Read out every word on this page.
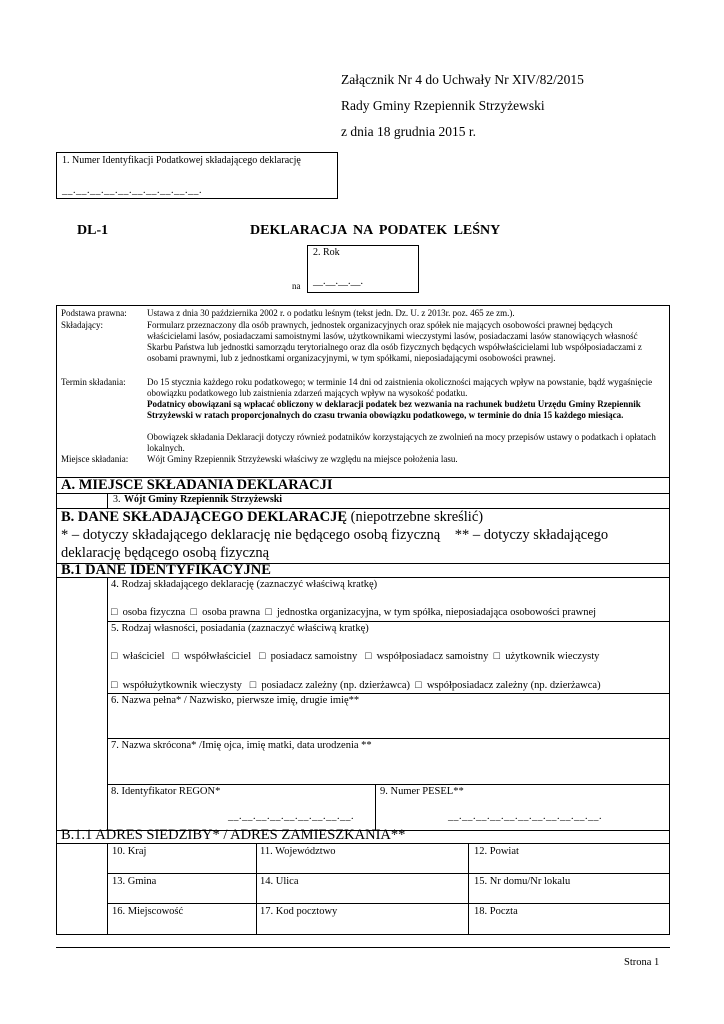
Załącznik Nr 4 do Uchwały Nr XIV/82/2015
Rady Gminy Rzepiennik Strzyżewski
z dnia 18 grudnia 2015 r.
1. Numer Identyfikacji Podatkowej składającego deklarację
__.__.__.__.__.__.__.__.__.__.
DL-1	DEKLARACJA NA PODATEK LEŚNY
na
2. Rok
__.__.__.__.
Podstawa prawna: Ustawa z dnia 30 października 2002 r. o podatku leśnym (tekst jedn. Dz. U. z 2013r. poz. 465 ze zm.).
Składający:	Formularz przeznaczony dla osób prawnych, jednostek organizacyjnych oraz spółek nie mających osobowości prawnej będących właścicielami lasów, posiadaczami samoistnymi lasów, użytkownikami wieczystymi lasów, posiadaczami lasów stanowiących własność Skarbu Państwa lub jednostki samorządu terytorialnego oraz dla osób fizycznych będących współwłaścicielami lub współposiadaczami z osobami prawnymi, lub z jednostkami organizacyjnymi, w tym spółkami, nieposiadającymi osobowości prawnej.
Termin składania: Do 15 stycznia każdego roku podatkowego; w terminie 14 dni od zaistnienia okoliczności mających wpływ na powstanie, bądź wygaśnięcie obowiązku podatkowego lub zaistnienia zdarzeń mających wpływ na wysokość podatku.
Podatnicy obowiązani są wpłacać obliczony w deklaracji podatek bez wezwania na rachunek budżetu Urzędu Gminy Rzepiennik Strzyżewski w ratach proporcjonalnych do czasu trwania obowiązku podatkowego, w terminie do dnia 15 każdego miesiąca.
Obowiązek składania Deklaracji dotyczy również podatników korzystających ze zwolnień na mocy przepisów ustawy o podatkach i opłatach lokalnych.
Miejsce składania:	Wójt Gminy Rzepiennik Strzyżewski właściwy ze względu na miejsce położenia lasu.
A. MIEJSCE SKŁADANIA DEKLARACJI
3. Wójt Gminy Rzepiennik Strzyżewski
B. DANE SKŁADAJĄCEGO DEKLARACJĘ (niepotrzebne skreślić)
* – dotyczy składającego deklarację nie będącego osobą fizyczną    ** – dotyczy składającego
deklarację będącego osobą fizyczną
B.1 DANE IDENTYFIKACYJNE
4. Rodzaj składającego deklarację (zaznaczyć właściwą kratkę)
□ osoba fizyczna □ osoba prawna □ jednostka organizacyjna, w tym spółka, nieposiadająca osobowości prawnej
5. Rodzaj własności, posiadania (zaznaczyć właściwą kratkę)
□ właściciel □ współwłaściciel □ posiadacz samoistny □ współposiadacz samoistny □ użytkownik wieczysty
□ współużytkownik wieczysty □ posiadacz zależny (np. dzierżawca) □ współposiadacz zależny (np. dzierżawca)
6. Nazwa pełna* / Nazwisko, pierwsze imię, drugie imię**
7. Nazwa skrócona* /Imię ojca, imię matki, data urodzenia **
8. Identyfikator REGON*
__.__.__.__.__.__.__.__.__.
9. Numer PESEL**
__.__.__.__.__.__.__.__.__.__.__.
B.1.1 ADRES SIEDZIBY* / ADRES ZAMIESZKANIA**
10. Kraj	11. Województwo	12. Powiat
13. Gmina	14. Ulica	15. Nr domu/Nr lokalu
16. Miejscowość	17. Kod pocztowy	18. Poczta
Strona 1
